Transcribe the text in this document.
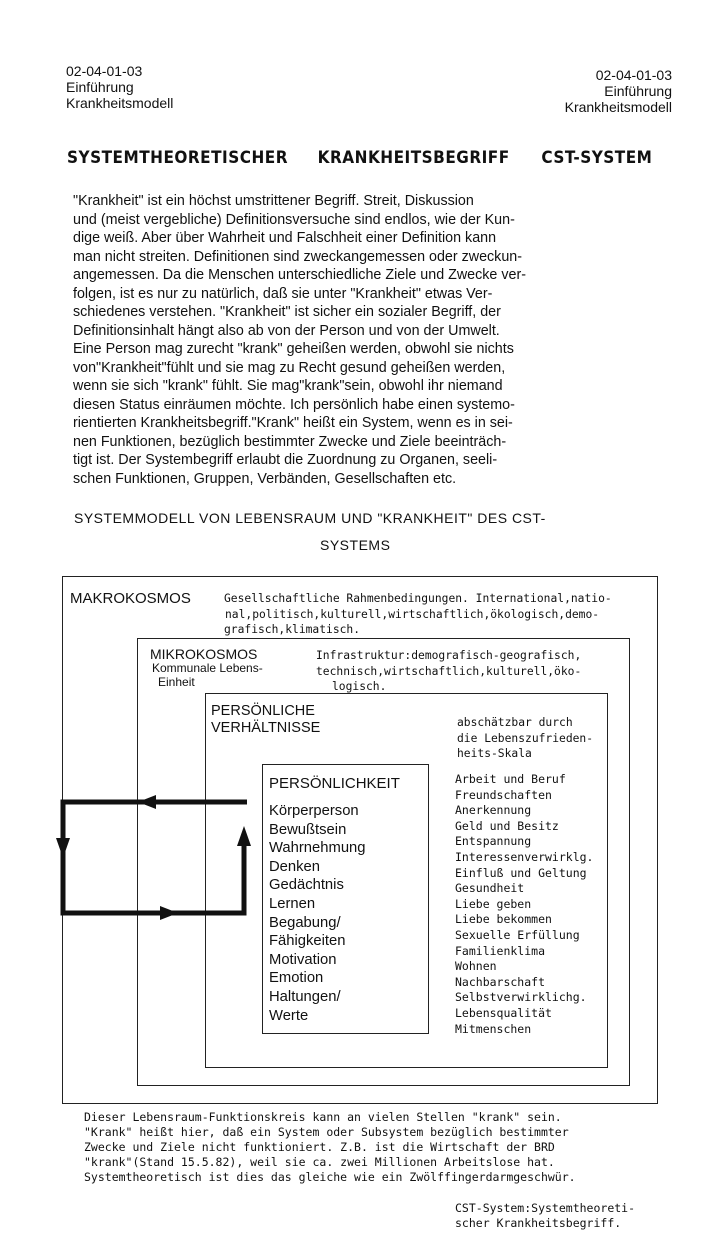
02-04-01-03
Einführung
Krankheitsmodell
02-04-01-03
Einführung
Krankheitsmodell
SYSTEMTHEORETISCHER KRANKHEITSBEGRIFF CST-SYSTEM
"Krankheit" ist ein höchst umstrittener Begriff. Streit, Diskussion
und (meist vergebliche) Definitionsversuche sind endlos, wie der Kun-
dige weiß. Aber über Wahrheit und Falschheit einer Definition kann
man nicht streiten. Definitionen sind zweckangemessen oder zweckun-
angemessen. Da die Menschen unterschiedliche Ziele und Zwecke ver-
folgen, ist es nur zu natürlich, daß sie unter "Krankheit" etwas Ver-
schiedenes verstehen. "Krankheit" ist sicher ein sozialer Begriff, der
Definitionsinhalt hängt also ab von der Person und von der Umwelt.
Eine Person mag zurecht "krank" geheißen werden, obwohl sie nichts
von"Krankheit"fühlt und sie mag zu Recht gesund geheißen werden,
wenn sie sich "krank" fühlt. Sie mag"krank"sein, obwohl ihr niemand
diesen Status einräumen möchte. Ich persönlich habe einen systemo-
rientierten Krankheitsbegriff."Krank" heißt ein System, wenn es in sei-
nen Funktionen, bezüglich bestimmter Zwecke und Ziele beeinträch-
tigt ist. Der Systembegriff erlaubt die Zuordnung zu Organen, seeli-
schen Funktionen, Gruppen, Verbänden, Gesellschaften etc.
SYSTEMMODELL VON LEBENSRAUM UND "KRANKHEIT" DES CST-
SYSTEMS
MAKROKOSMOS	Gesellschaftliche Rahmenbedingungen. International,natio-
nal,politisch,kulturell,wirtschaftlich,ökologisch,demo-
grafisch,klimatisch.
MIKROKOSMOS
Kommunale Lebens-
Einheit
Infrastruktur:demografisch-geografisch,
technisch,wirtschaftlich,kulturell,öko-
logisch.
PERSÖNLICHE
VERHÄLTNISSE	abschätzbar durch
die Lebenszufrieden-
heits-Skala
PERSÖNLICHKEIT
Körperperson
Bewußtsein
Wahrnehmung
Denken
Gedächtnis
Lernen
Begabung/
Fähigkeiten
Motivation
Emotion
Haltungen/
Werte
Arbeit und Beruf
Freundschaften
Anerkennung
Geld und Besitz
Entspannung
Interessenverwirklg.
Einfluß und Geltung
Gesundheit
Liebe geben
Liebe bekommen
Sexuelle Erfüllung
Familienklima
Wohnen
Nachbarschaft
Selbstverwirklichg.
Lebensqualität
Mitmenschen
Dieser Lebensraum-Funktionskreis kann an vielen Stellen "krank" sein.
"Krank" heißt hier, daß ein System oder Subsystem bezüglich bestimmter
Zwecke und Ziele nicht funktioniert. Z.B. ist die Wirtschaft der BRD
"krank"(Stand 15.5.82), weil sie ca. zwei Millionen Arbeitslose hat.
Systemtheoretisch ist dies das gleiche wie ein Zwölffingerdarmgeschwür.
CST-System:Systemtheoreti-
scher Krankheitsbegriff.
